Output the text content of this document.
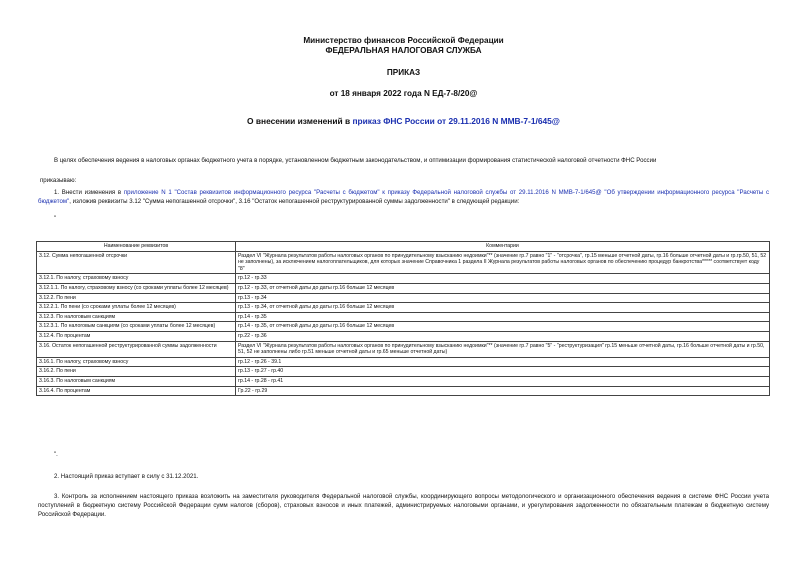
Министерство финансов Российской Федерации
ФЕДЕРАЛЬНАЯ НАЛОГОВАЯ СЛУЖБА
ПРИКАЗ
от 18 января 2022 года N ЕД-7-8/20@
О внесении изменений в приказ ФНС России от 29.11.2016 N ММВ-7-1/645@
В целях обеспечения ведения в налоговых органах бюджетного учета в порядке, установленном бюджетным законодательством, и оптимизации формирования статистической налоговой отчетности ФНС России
приказываю:
1. Внести изменения в приложение N 1 "Состав реквизитов информационного ресурса "Расчеты с бюджетом" к приказу Федеральной налоговой службы от 29.11.2016 N ММВ-7-1/645@ "Об утверждении информационного ресурса "Расчеты с бюджетом", изложив реквизиты 3.12 "Сумма непогашенной отсрочки", 3.16 "Остаток непогашенной реструктурированной суммы задолженности" в следующей редакции:
"
Наименование реквизитов	Комментарии
3.12. Сумма непогашенной отсрочки	Раздел VI "Журнала результатов работы налоговых органов по принудительному взысканию недоимки"** (значение гр.7 равно "1" - "отсрочка", гр.15 меньше отчетной даты, гр.16 больше отчетной даты и гр.гр.50, 51, 52 не заполнены), за исключением налогоплательщиков, для которых значение Справочника 1 раздела II Журнала результатов работы налоговых органов по обеспечению процедур банкротства***** соответствует коду "8"
3.12.1. По налогу, страховому взносу	гр.12 - гр.33
3.12.1.1. По налогу, страховому взносу (со сроками уплаты более 12 месяцев)	гр.12 - гр.33, от отчетной даты до даты гр.16 больше 12 месяцев
3.12.2. По пени	гр.13 - гр.34
3.12.2.1. По пени (со сроками уплаты более 12 месяцев)	гр.13 - гр.34, от отчетной даты до даты гр.16 больше 12 месяцев
3.12.3. По налоговым санкциям	гр.14 - гр.35
3.12.3.1. По налоговым санкциям (со сроками уплаты более 12 месяцев)	гр.14 - гр.35, от отчетной даты до даты гр.16 больше 12 месяцев
3.12.4. По процентам	гр.22 - гр.36
3.16. Остаток непогашенной реструктурированной суммы задолженности	Раздел VI "Журнала результатов работы налоговых органов по принудительному взысканию недоимки"** (значение гр.7 равно "5" - "реструктуризация" гр.15 меньше отчетной даты, гр.16 больше отчетной даты и гр.50, 51, 52 не заполнены либо гр.51 меньше отчетной даты и гр.65 меньше отчетной даты)
3.16.1. По налогу, страховому взносу	гр.12 - гр.26 - 39.1
3.16.2. По пени	гр.13 - гр.27 - гр.40
3.16.3. По налоговым санкциям	гр.14 - гр.28 - гр.41
3.16.4. По процентам	Гр.22 - гр.29
".
2. Настоящий приказ вступает в силу с 31.12.2021.
3. Контроль за исполнением настоящего приказа возложить на заместителя руководителя Федеральной налоговой службы, координирующего вопросы методологического и организационного обеспечения ведения в системе ФНС России учета поступлений в бюджетную систему Российской Федерации сумм налогов (сборов), страховых взносов и иных платежей, администрируемых налоговыми органами, и урегулирования задолженности по обязательным платежам в бюджетную систему Российской Федерации.
